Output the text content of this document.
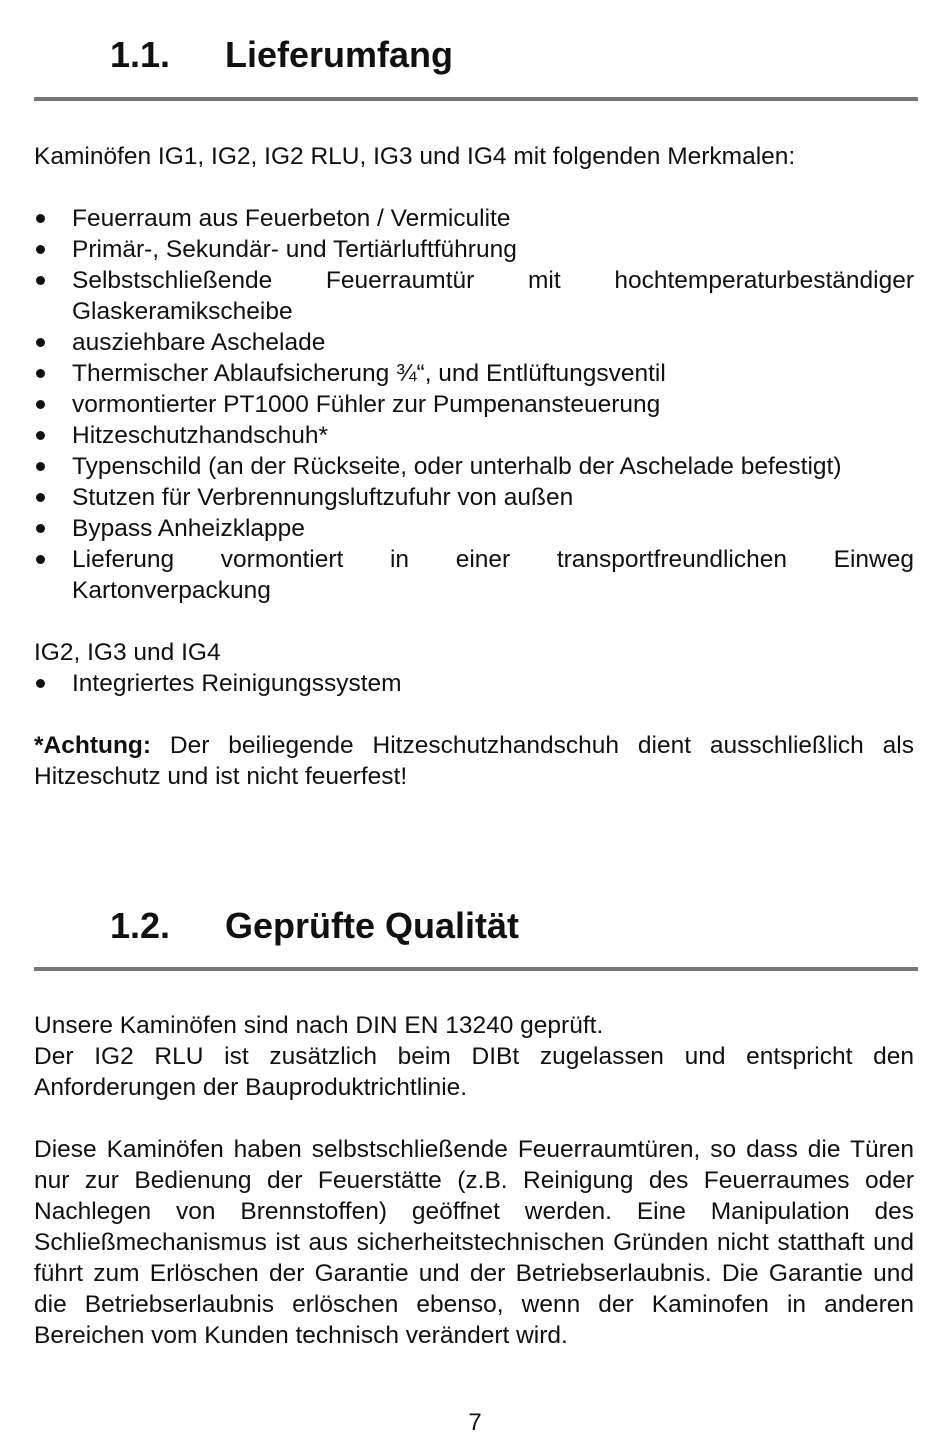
1.1. Lieferumfang

Kaminöfen IG1, IG2, IG2 RLU, IG3 und IG4 mit folgenden Merkmalen:

Feuerraum aus Feuerbeton / Vermiculite
Primär-, Sekundär- und Tertiärluftführung
Selbstschließende Feuerraumtür mit hochtemperaturbeständiger Glaskeramikscheibe
ausziehbare Aschelade
Thermischer Ablaufsicherung ¾“, und Entlüftungsventil
vormontierter PT1000 Fühler zur Pumpenansteuerung
Hitzeschutzhandschuh*
Typenschild (an der Rückseite, oder unterhalb der Aschelade befestigt)
Stutzen für Verbrennungsluftzufuhr von außen
Bypass Anheizklappe
Lieferung vormontiert in einer transportfreundlichen Einweg Kartonverpackung

IG2, IG3 und IG4

Integriertes Reinigungssystem

*Achtung: Der beiliegende Hitzeschutzhandschuh dient ausschließlich als Hitzeschutz und ist nicht feuerfest!

1.2. Geprüfte Qualität

Unsere Kaminöfen sind nach DIN EN 13240 geprüft.

Der IG2 RLU ist zusätzlich beim DIBt zugelassen und entspricht den Anforderungen der Bauproduktrichtlinie.

Diese Kaminöfen haben selbstschließende Feuerraumtüren, so dass die Türen nur zur Bedienung der Feuerstätte (z.B. Reinigung des Feuerraumes oder Nachlegen von Brennstoffen) geöffnet werden. Eine Manipulation des Schließmechanismus ist aus sicherheitstechnischen Gründen nicht statthaft und führt zum Erlöschen der Garantie und der Betriebserlaubnis. Die Garantie und die Betriebserlaubnis erlöschen ebenso, wenn der Kaminofen in anderen Bereichen vom Kunden technisch verändert wird.

7
